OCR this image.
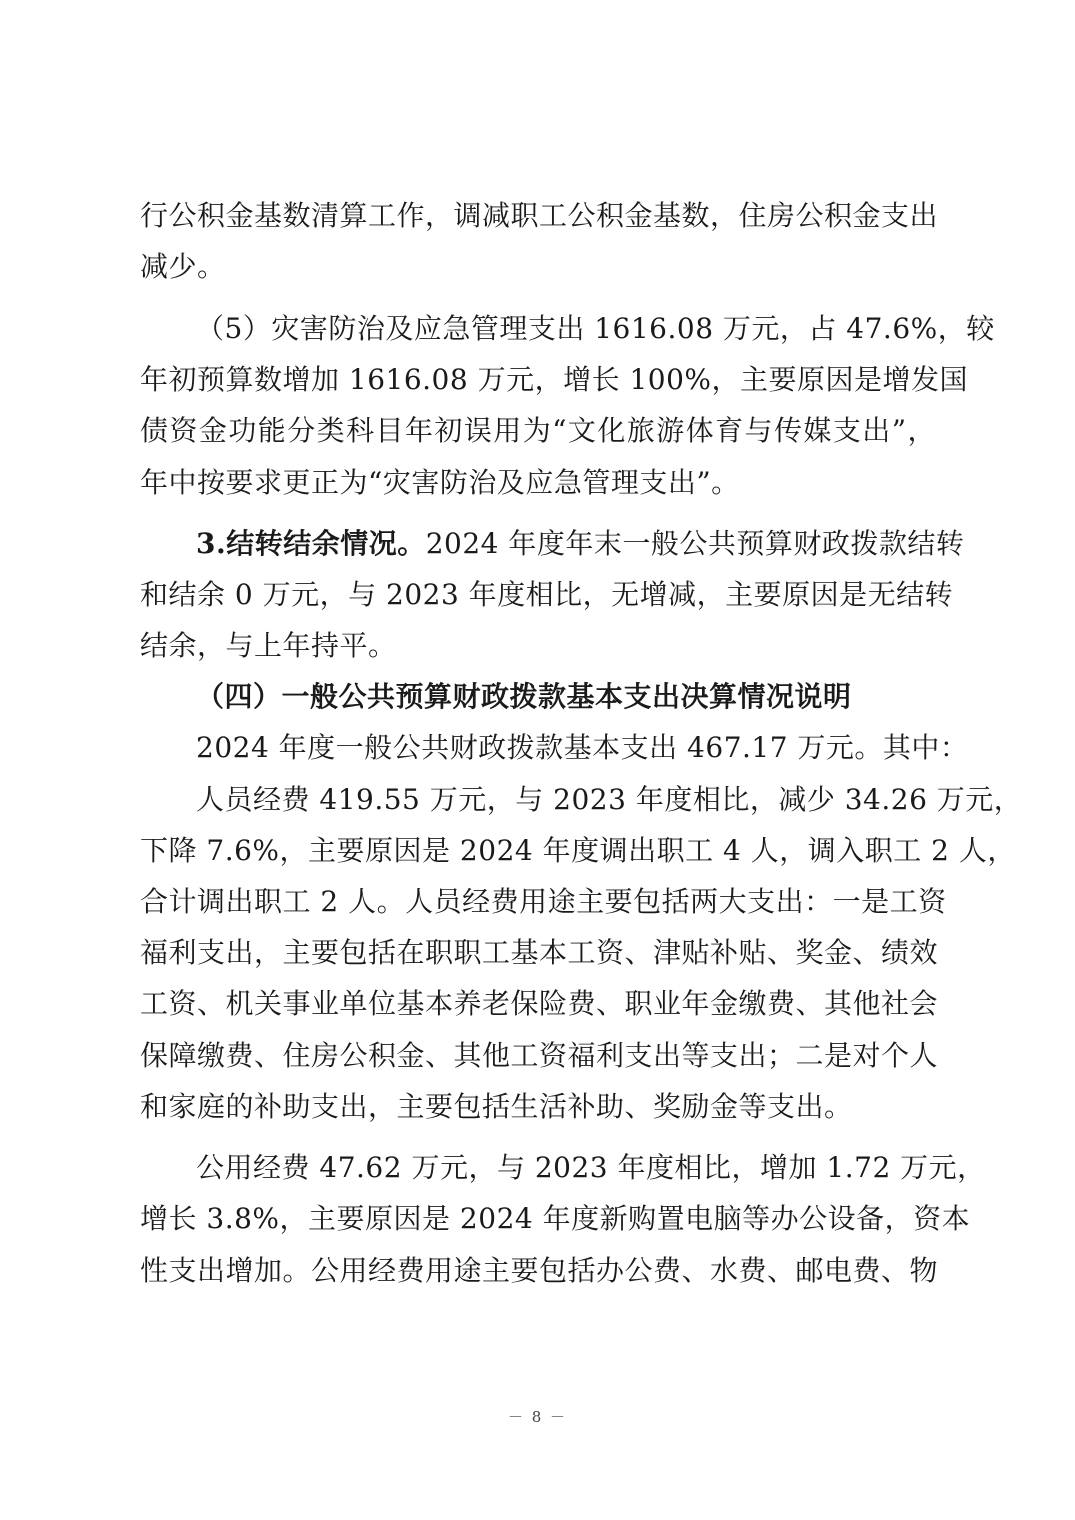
行公积金基数清算工作，调减职工公积金基数，住房公积金支出
减少。
（5）灾害防治及应急管理支出 1616.08 万元，占 47.6%，较
年初预算数增加 1616.08 万元，增长 100%，主要原因是增发国
债资金功能分类科目年初误用为“文化旅游体育与传媒支出”，
年中按要求更正为“灾害防治及应急管理支出”。
3.结转结余情况。2024 年度年末一般公共预算财政拨款结转
和结余 0 万元，与 2023 年度相比，无增减，主要原因是无结转
结余，与上年持平。
（四）一般公共预算财政拨款基本支出决算情况说明
2024 年度一般公共财政拨款基本支出 467.17 万元。其中：
人员经费 419.55 万元，与 2023 年度相比，减少 34.26 万元，
下降 7.6%，主要原因是 2024 年度调出职工 4 人，调入职工 2 人，
合计调出职工 2 人。人员经费用途主要包括两大支出：一是工资
福利支出，主要包括在职职工基本工资、津贴补贴、奖金、绩效
工资、机关事业单位基本养老保险费、职业年金缴费、其他社会
保障缴费、住房公积金、其他工资福利支出等支出；二是对个人
和家庭的补助支出，主要包括生活补助、奖励金等支出。
公用经费 47.62 万元，与 2023 年度相比，增加 1.72 万元，
增长 3.8%，主要原因是 2024 年度新购置电脑等办公设备，资本
性支出增加。公用经费用途主要包括办公费、水费、邮电费、物
－ 8 －
